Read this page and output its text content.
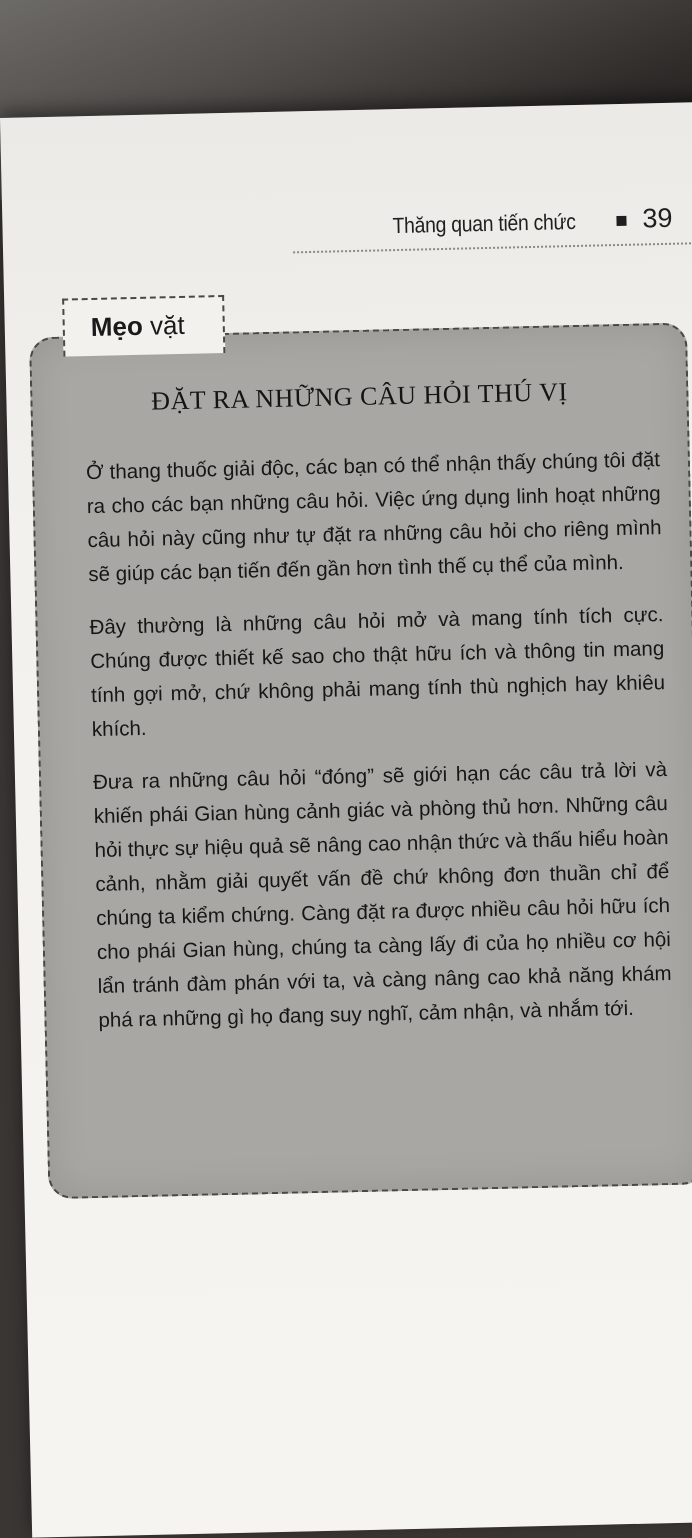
Thăng quan tiến chức 39
ĐẶT RA NHỮNG CÂU HỎI THÚ VỊ

Ở thang thuốc giải độc, các bạn có thể nhận thấy chúng tôi đặt ra cho các bạn những câu hỏi. Việc ứng dụng linh hoạt những câu hỏi này cũng như tự đặt ra những câu hỏi cho riêng mình sẽ giúp các bạn tiến đến gần hơn tình thế cụ thể của mình.

Đây thường là những câu hỏi mở và mang tính tích cực. Chúng được thiết kế sao cho thật hữu ích và thông tin mang tính gợi mở, chứ không phải mang tính thù nghịch hay khiêu khích.

Đưa ra những câu hỏi “đóng” sẽ giới hạn các câu trả lời và khiến phái Gian hùng cảnh giác và phòng thủ hơn. Những câu hỏi thực sự hiệu quả sẽ nâng cao nhận thức và thấu hiểu hoàn cảnh, nhằm giải quyết vấn đề chứ không đơn thuần chỉ để chúng ta kiểm chứng. Càng đặt ra được nhiều câu hỏi hữu ích cho phái Gian hùng, chúng ta càng lấy đi của họ nhiều cơ hội lẩn tránh đàm phán với ta, và càng nâng cao khả năng khám phá ra những gì họ đang suy nghĩ, cảm nhận, và nhắm tới.

Mẹo vặt
